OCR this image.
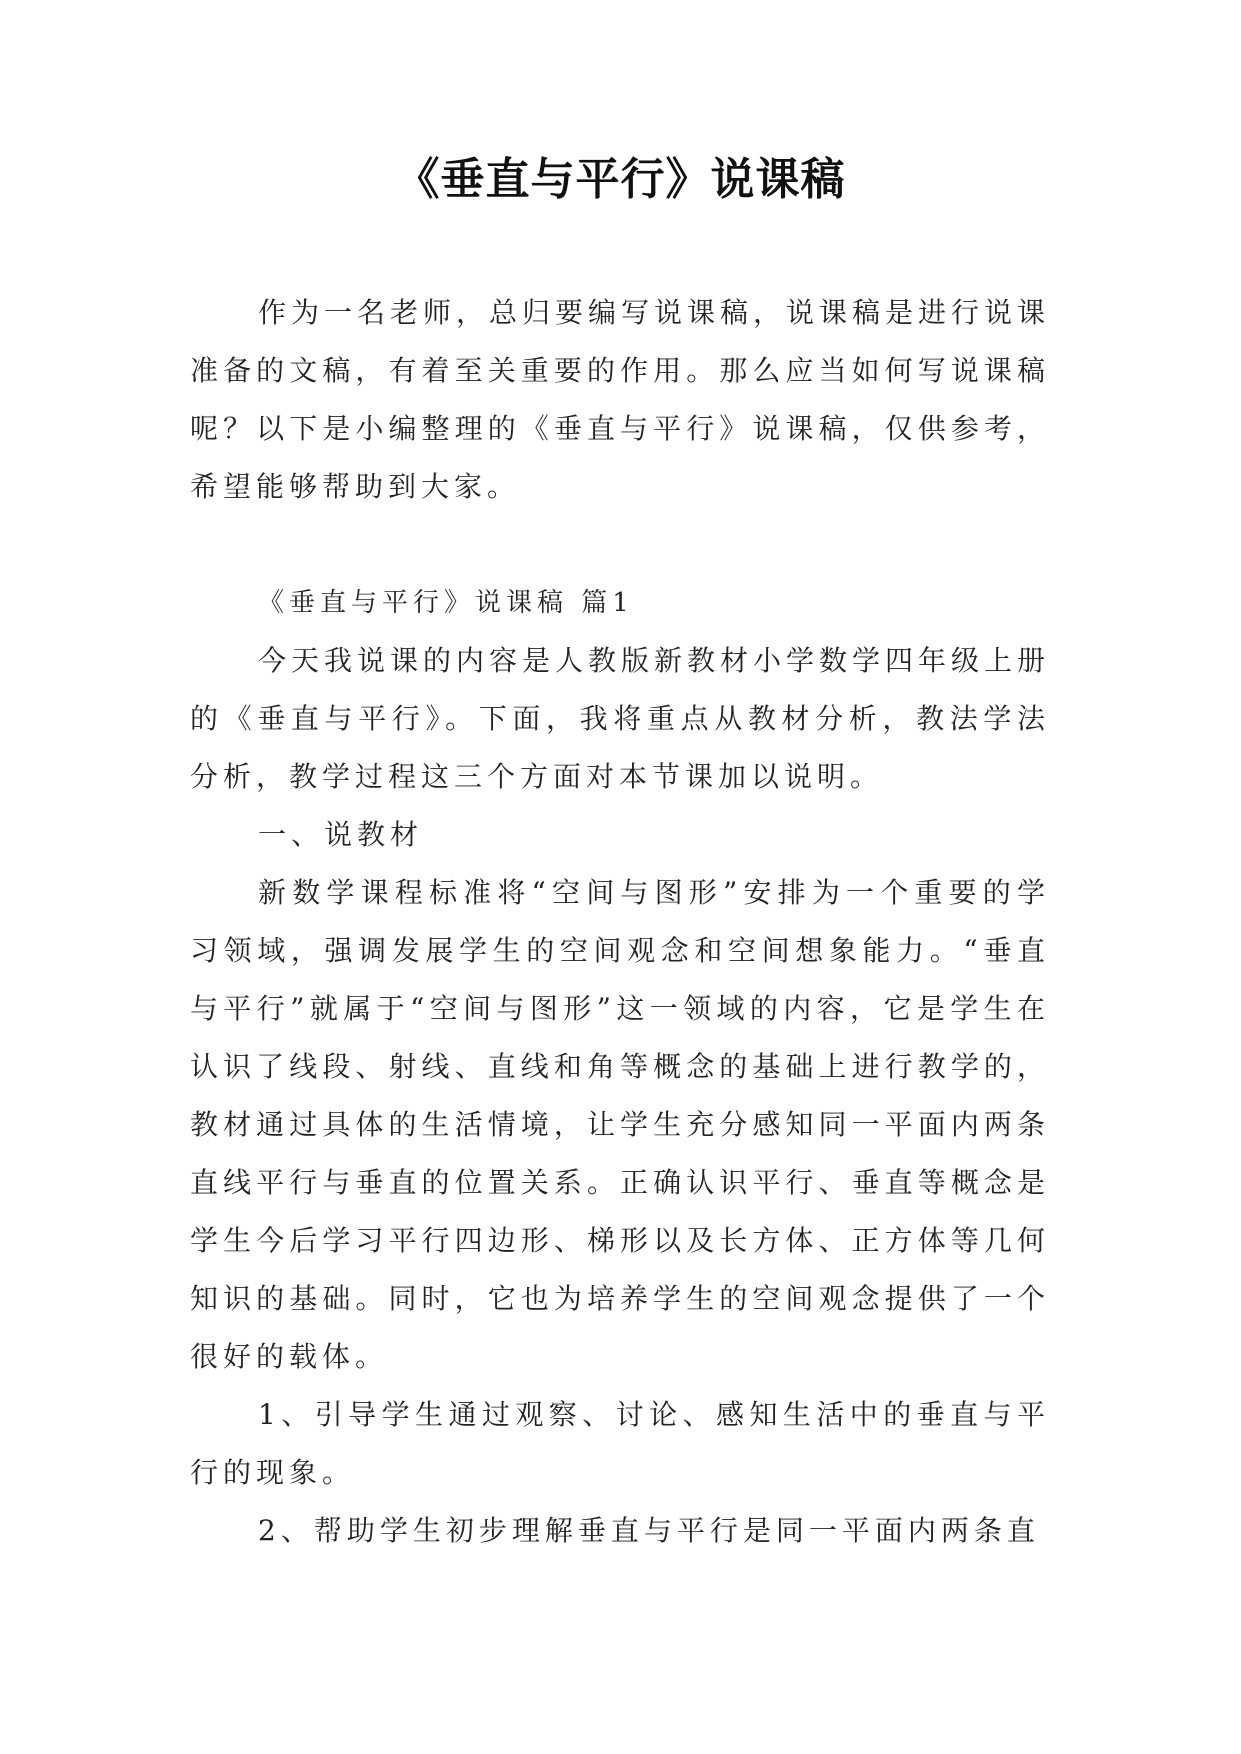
《垂直与平行》说课稿

作为一名老师，总归要编写说课稿，说课稿是进行说课准备的文稿，有着至关重要的作用。那么应当如何写说课稿呢？以下是小编整理的《垂直与平行》说课稿，仅供参考，希望能够帮助到大家。

《垂直与平行》说课稿 篇1

今天我说课的内容是人教版新教材小学数学四年级上册的《垂直与平行》。下面，我将重点从教材分析，教法学法分析，教学过程这三个方面对本节课加以说明。

一、说教材

新数学课程标准将“空间与图形”安排为一个重要的学习领域，强调发展学生的空间观念和空间想象能力。“垂直与平行”就属于“空间与图形”这一领域的内容，它是学生在认识了线段、射线、直线和角等概念的基础上进行教学的，教材通过具体的生活情境，让学生充分感知同一平面内两条直线平行与垂直的位置关系。正确认识平行、垂直等概念是学生今后学习平行四边形、梯形以及长方体、正方体等几何知识的基础。同时，它也为培养学生的空间观念提供了一个很好的载体。

1、引导学生通过观察、讨论、感知生活中的垂直与平行的现象。

2、帮助学生初步理解垂直与平行是同一平面内两条直
